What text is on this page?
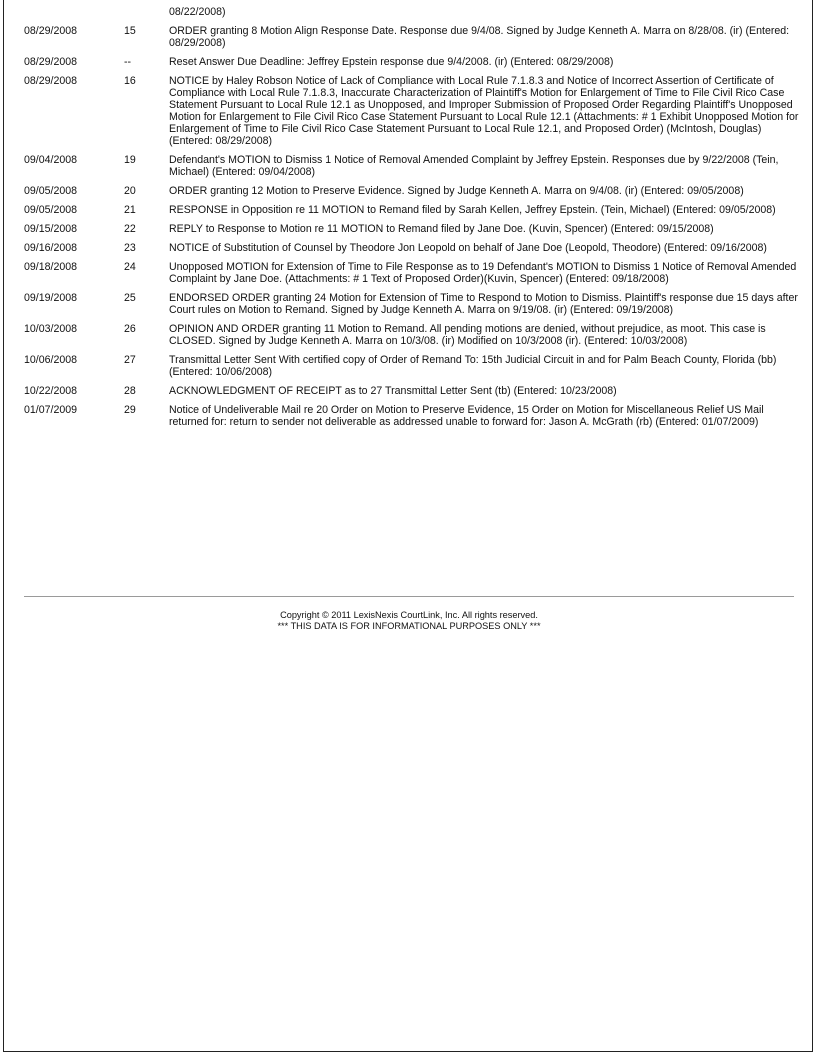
08/22/2008)
08/29/2008	15	ORDER granting 8 Motion Align Response Date. Response due 9/4/08. Signed by Judge Kenneth A. Marra on 8/28/08. (ir) (Entered: 08/29/2008)
08/29/2008	--	Reset Answer Due Deadline: Jeffrey Epstein response due 9/4/2008. (ir) (Entered: 08/29/2008)
08/29/2008	16	NOTICE by Haley Robson Notice of Lack of Compliance with Local Rule 7.1.8.3 and Notice of Incorrect Assertion of Certificate of Compliance with Local Rule 7.1.8.3, Inaccurate Characterization of Plaintiff's Motion for Enlargement of Time to File Civil Rico Case Statement Pursuant to Local Rule 12.1 as Unopposed, and Improper Submission of Proposed Order Regarding Plaintiff's Unopposed Motion for Enlargement to File Civil Rico Case Statement Pursuant to Local Rule 12.1 (Attachments: # 1 Exhibit Unopposed Motion for Enlargement of Time to File Civil Rico Case Statement Pursuant to Local Rule 12.1, and Proposed Order) (McIntosh, Douglas) (Entered: 08/29/2008)
09/04/2008	19	Defendant's MOTION to Dismiss 1 Notice of Removal Amended Complaint by Jeffrey Epstein. Responses due by 9/22/2008 (Tein, Michael) (Entered: 09/04/2008)
09/05/2008	20	ORDER granting 12 Motion to Preserve Evidence. Signed by Judge Kenneth A. Marra on 9/4/08. (ir) (Entered: 09/05/2008)
09/05/2008	21	RESPONSE in Opposition re 11 MOTION to Remand filed by Sarah Kellen, Jeffrey Epstein. (Tein, Michael) (Entered: 09/05/2008)
09/15/2008	22	REPLY to Response to Motion re 11 MOTION to Remand filed by Jane Doe. (Kuvin, Spencer) (Entered: 09/15/2008)
09/16/2008	23	NOTICE of Substitution of Counsel by Theodore Jon Leopold on behalf of Jane Doe (Leopold, Theodore) (Entered: 09/16/2008)
09/18/2008	24	Unopposed MOTION for Extension of Time to File Response as to 19 Defendant's MOTION to Dismiss 1 Notice of Removal Amended Complaint by Jane Doe. (Attachments: # 1 Text of Proposed Order)(Kuvin, Spencer) (Entered: 09/18/2008)
09/19/2008	25	ENDORSED ORDER granting 24 Motion for Extension of Time to Respond to Motion to Dismiss. Plaintiff's response due 15 days after Court rules on Motion to Remand. Signed by Judge Kenneth A. Marra on 9/19/08. (ir) (Entered: 09/19/2008)
10/03/2008	26	OPINION AND ORDER granting 11 Motion to Remand. All pending motions are denied, without prejudice, as moot. This case is CLOSED. Signed by Judge Kenneth A. Marra on 10/3/08. (ir) Modified on 10/3/2008 (ir). (Entered: 10/03/2008)
10/06/2008	27	Transmittal Letter Sent With certified copy of Order of Remand To: 15th Judicial Circuit in and for Palm Beach County, Florida (bb) (Entered: 10/06/2008)
10/22/2008	28	ACKNOWLEDGMENT OF RECEIPT as to 27 Transmittal Letter Sent (tb) (Entered: 10/23/2008)
01/07/2009	29	Notice of Undeliverable Mail re 20 Order on Motion to Preserve Evidence, 15 Order on Motion for Miscellaneous Relief US Mail returned for: return to sender not deliverable as addressed unable to forward for: Jason A. McGrath (rb) (Entered: 01/07/2009)
Copyright © 2011 LexisNexis CourtLink, Inc. All rights reserved.
*** THIS DATA IS FOR INFORMATIONAL PURPOSES ONLY ***
